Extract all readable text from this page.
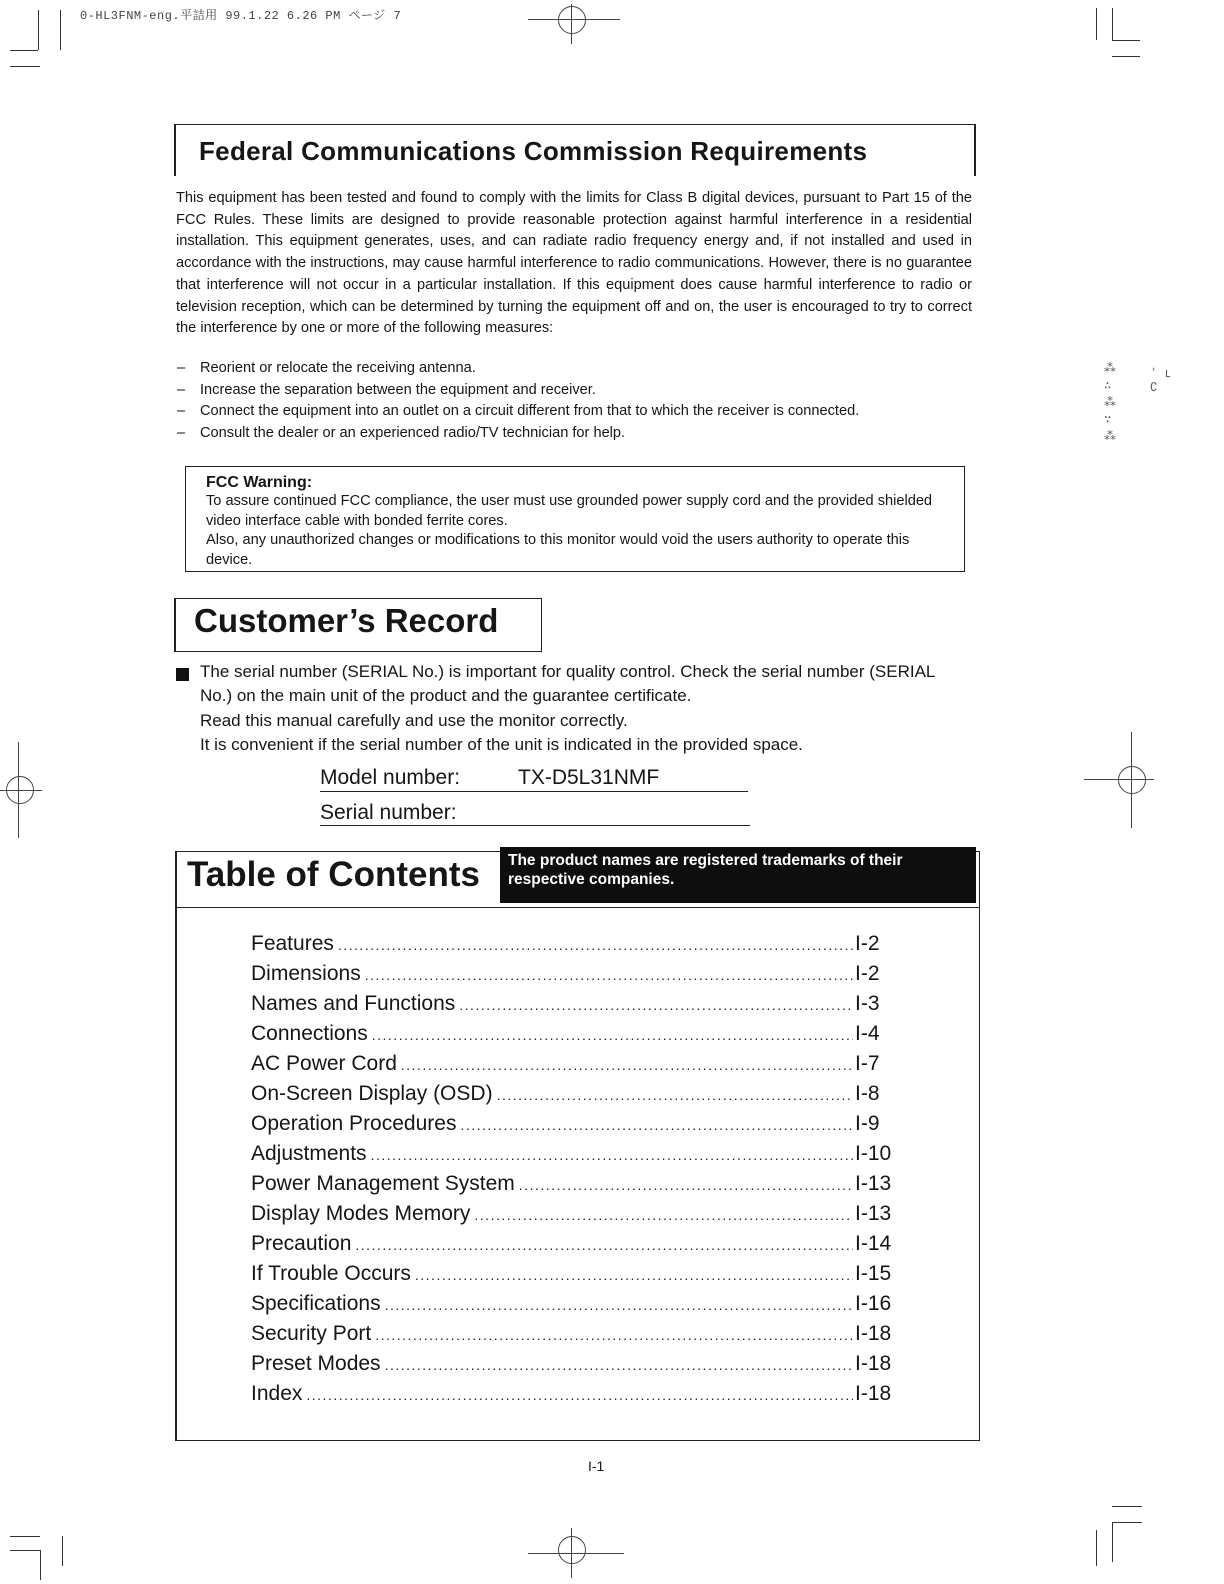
⁂
∴
⁂
∵
⁂
ՙ ւ
∁
0-HL3FNM-eng.平詰用 99.1.22 6.26 PM ページ 7
Federal Communications Commission Requirements

This equipment has been tested and found to comply with the limits for Class B digital devices, pursuant to Part 15 of the FCC Rules. These limits are designed to provide reasonable protection against harmful interference in a residential installation. This equipment generates, uses, and can radiate radio frequency energy and, if not installed and used in accordance with the instructions, may cause harmful interference to radio communications. However, there is no guarantee that interference will not occur in a particular installation. If this equipment does cause harmful interference to radio or television reception, which can be determined by turning the equipment off and on, the user is encouraged to try to correct the interference by one or more of the following measures:

– Reorient or relocate the receiving antenna.
– Increase the separation between the equipment and receiver.
– Connect the equipment into an outlet on a circuit different from that to which the receiver is connected.
– Consult the dealer or an experienced radio/TV technician for help.
FCC Warning:
To assure continued FCC compliance, the user must use grounded power supply cord and the provided shielded video interface cable with bonded ferrite cores.
Also, any unauthorized changes or modifications to this monitor would void the users authority to operate this device.
Customer’s Record
The serial number (SERIAL No.) is important for quality control. Check the serial number (SERIAL No.) on the main unit of the product and the guarantee certificate.
Read this manual carefully and use the monitor correctly.
It is convenient if the serial number of the unit is indicated in the provided space.
Model number:	TX-D5L31NMF
Serial number:
Table of Contents	The product names are registered trademarks of their respective companies.
Features .....	I-2
Dimensions .....	I-2
Names and Functions .....	I-3
Connections .....	I-4
AC Power Cord .....	I-7
On-Screen Display (OSD) .....	I-8
Operation Procedures .....	I-9
Adjustments .....	I-10
Power Management System .....	I-13
Display Modes Memory .....	I-13
Precaution .....	I-14
If Trouble Occurs .....	I-15
Specifications .....	I-16
Security Port .....	I-18
Preset Modes .....	I-18
Index .....	I-18
I-1
